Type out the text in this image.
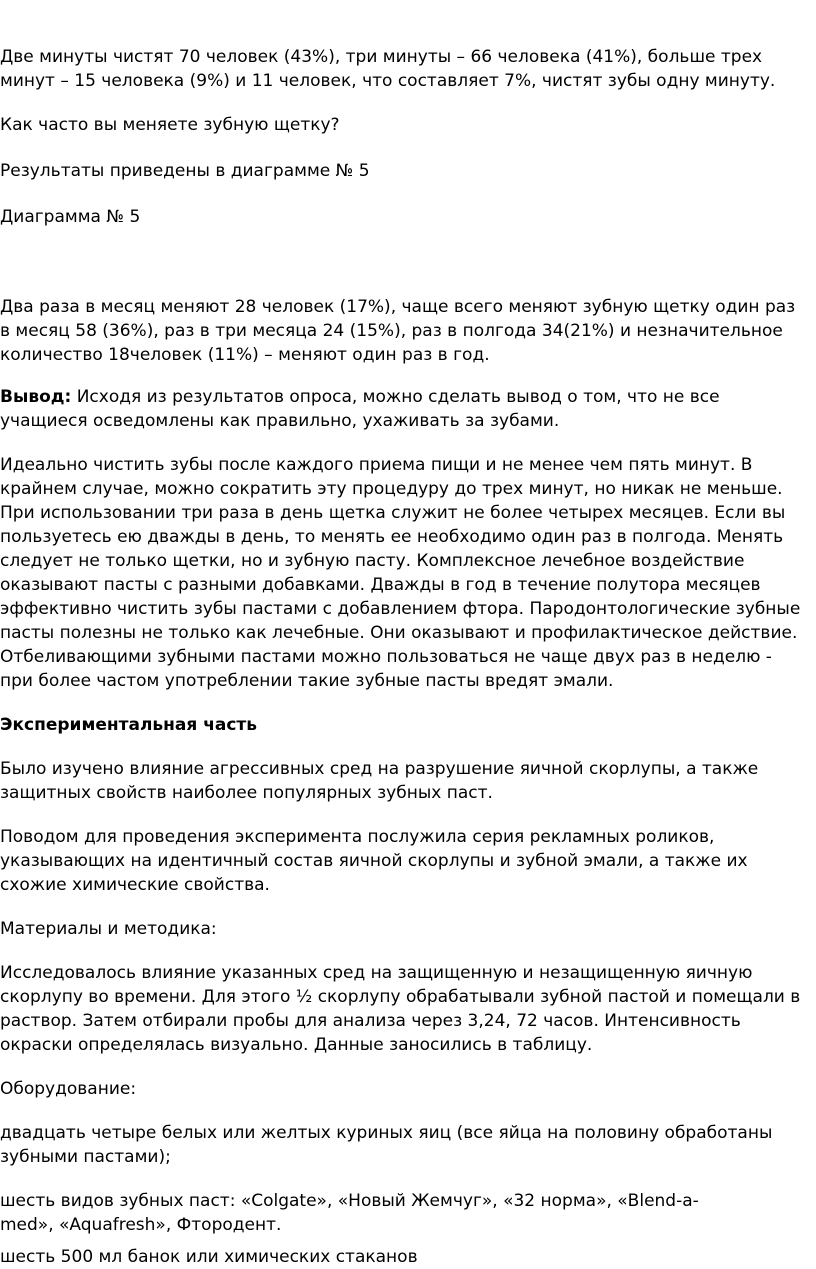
Две минуты чистят 70 человек (43%), три минуты – 66 человека (41%), больше трех
минут – 15 человека (9%) и 11 человек, что составляет 7%, чистят зубы одну минуту.
Как часто вы меняете зубную щетку?
Результаты приведены в диаграмме № 5
Диаграмма № 5
Два раза в месяц меняют 28 человек (17%), чаще всего меняют зубную щетку один раз
в месяц 58 (36%), раз в три месяца 24 (15%), раз в полгода 34(21%) и незначительное
количество 18человек (11%) – меняют один раз в год.
Вывод: Исходя из результатов опроса, можно сделать вывод о том, что не все
учащиеся осведомлены как правильно, ухаживать за зубами.
Идеально чистить зубы после каждого приема пищи и не менее чем пять минут. В
крайнем случае, можно сократить эту процедуру до трех минут, но никак не меньше.
При использовании три раза в день щетка служит не более четырех месяцев. Если вы
пользуетесь ею дважды в день, то менять ее необходимо один раз в полгода. Менять
следует не только щетки, но и зубную пасту. Комплексное лечебное воздействие
оказывают пасты с разными добавками. Дважды в год в течение полутора месяцев
эффективно чистить зубы пастами с добавлением фтора. Пародонтологические зубные
пасты полезны не только как лечебные. Они оказывают и профилактическое действие.
Отбеливающими зубными пастами можно пользоваться не чаще двух раз в неделю -
при более частом употреблении такие зубные пасты вредят эмали.
Экспериментальная часть
Было изучено влияние агрессивных сред на разрушение яичной скорлупы, а также
защитных свойств наиболее популярных зубных паст.
Поводом для проведения эксперимента послужила серия рекламных роликов,
указывающих на идентичный состав яичной скорлупы и зубной эмали, а также их
схожие химические свойства.
Материалы и методика:
Исследовалось влияние указанных сред на защищенную и незащищенную яичную
скорлупу во времени. Для этого ½ скорлупу обрабатывали зубной пастой и помещали в
раствор. Затем отбирали пробы для анализа через 3,24, 72 часов. Интенсивность
окраски определялась визуально. Данные заносились в таблицу.
Оборудование:
двадцать четыре белых или желтых куриных яиц (все яйца на половину обработаны
зубными пастами);
шесть видов зубных паст: «Colgate», «Новый Жемчуг», «32 норма», «Blend-a-
med», «Aquafresh», Фтородент.
шесть 500 мл банок или химических стаканов
